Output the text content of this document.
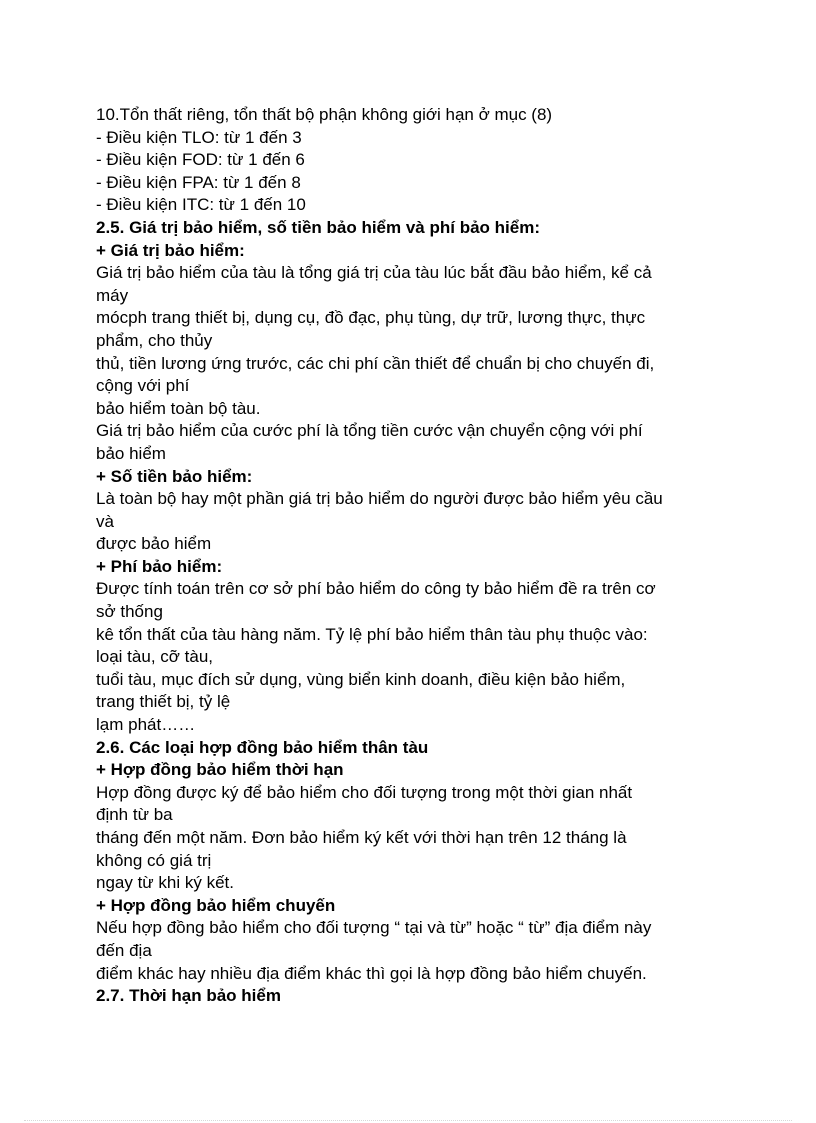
10.Tổn thất riêng, tổn thất bộ phận không giới hạn ở mục (8)
- Điều kiện TLO: từ 1 đến 3
- Điều kiện FOD: từ 1 đến 6
- Điều kiện FPA: từ 1 đến 8
- Điều kiện ITC: từ 1 đến 10
2.5. Giá trị bảo hiểm, số tiền bảo hiểm và phí bảo hiểm:
+ Giá trị bảo hiểm:
Giá trị bảo hiểm của tàu là tổng giá trị của tàu lúc bắt đầu bảo hiểm, kể cả
máy
mócph trang thiết bị, dụng cụ, đồ đạc, phụ tùng, dự trữ, lương thực, thực
phẩm, cho thủy
thủ, tiền lương ứng trước, các chi phí cần thiết để chuẩn bị cho chuyến đi,
cộng với phí
bảo hiểm toàn bộ tàu.
Giá trị bảo hiểm của cước phí là tổng tiền cước vận chuyển cộng với phí
bảo hiểm
+ Số tiền bảo hiểm:
Là toàn bộ hay một phần giá trị bảo hiểm do người được bảo hiểm yêu cầu
và
được bảo hiểm
+ Phí bảo hiểm:
Được tính toán trên cơ sở phí bảo hiểm do công ty bảo hiểm đề ra trên cơ
sở thống
kê tổn thất của tàu hàng năm. Tỷ lệ phí bảo hiểm thân tàu phụ thuộc vào:
loại tàu, cỡ tàu,
tuổi tàu, mục đích sử dụng, vùng biển kinh doanh, điều kiện bảo hiểm,
trang thiết bị, tỷ lệ
lạm phát……
2.6. Các loại hợp đồng bảo hiểm thân tàu
+ Hợp đồng bảo hiểm thời hạn
Hợp đồng được ký để bảo hiểm cho đối tượng trong một thời gian nhất
định từ ba
tháng đến một năm. Đơn bảo hiểm ký kết với thời hạn trên 12 tháng là
không có giá trị
ngay từ khi ký kết.
+ Hợp đồng bảo hiểm chuyến
Nếu hợp đồng bảo hiểm cho đối tượng “ tại và từ” hoặc “ từ” địa điểm này
đến địa
điểm khác hay nhiều địa điểm khác thì gọi là hợp đồng bảo hiểm chuyến.
2.7. Thời hạn bảo hiểm
